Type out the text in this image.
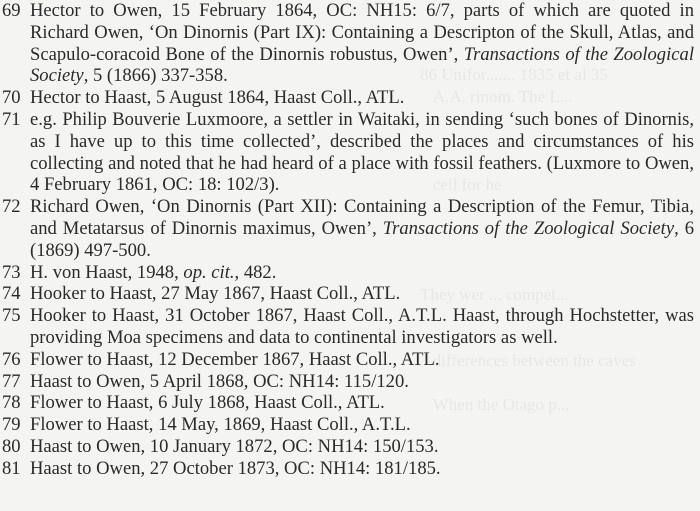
86 Unifor....... 1835 et al 35
A.A. rinom. The L...
cell for he
They wer ... compet...
differences between the caves
When the Otago p...
69 Hector to Owen, 15 February 1864, OC: NH15: 6/7, parts of which are quoted in Richard Owen, ‘On Dinornis (Part IX): Containing a Descripton of the Skull, Atlas, and Scapulo-coracoid Bone of the Dinornis robustus, Owen’, Transactions of the Zoological Society, 5 (1866) 337-358.
70 Hector to Haast, 5 August 1864, Haast Coll., ATL.
71 e.g. Philip Bouverie Luxmoore, a settler in Waitaki, in sending ‘such bones of Dinornis, as I have up to this time collected’, described the places and circumstances of his collecting and noted that he had heard of a place with fossil feathers. (Luxmore to Owen, 4 February 1861, OC: 18: 102/3).
72 Richard Owen, ‘On Dinornis (Part XII): Containing a Description of the Femur, Tibia, and Metatarsus of Dinornis maximus, Owen’, Transactions of the Zoological Society, 6 (1869) 497-500.
73 H. von Haast, 1948, op. cit., 482.
74 Hooker to Haast, 27 May 1867, Haast Coll., ATL.
75 Hooker to Haast, 31 October 1867, Haast Coll., A.T.L. Haast, through Hochstetter, was providing Moa specimens and data to continental investigators as well.
76 Flower to Haast, 12 December 1867, Haast Coll., ATL.
77 Haast to Owen, 5 April 1868, OC: NH14: 115/120.
78 Flower to Haast, 6 July 1868, Haast Coll., ATL.
79 Flower to Haast, 14 May, 1869, Haast Coll., A.T.L.
80 Haast to Owen, 10 January 1872, OC: NH14: 150/153.
81 Haast to Owen, 27 October 1873, OC: NH14: 181/185.
